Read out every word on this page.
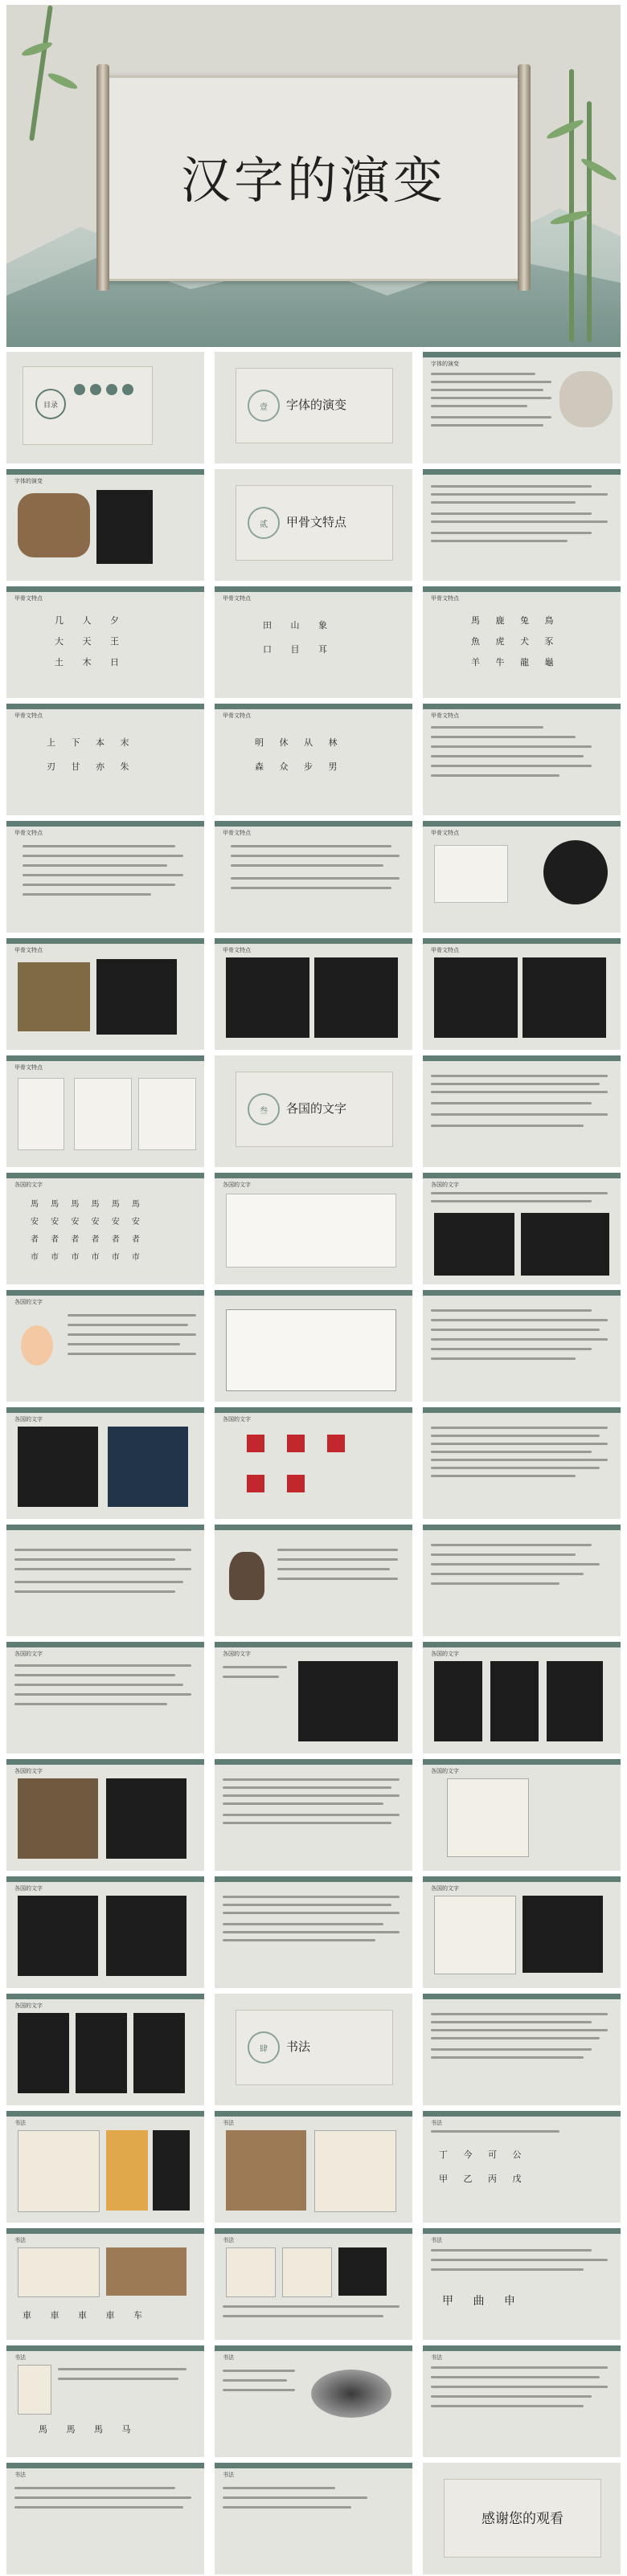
汉字的演变
目录	壹	字体的演变
字体的演变
字体的演变
贰	甲骨文特点
甲骨文特点
几 人 夕
大 天 王
土 木 日
甲骨文特点
田 山 象
口 目 耳
甲骨文特点
馬 鹿 兔 鳥
魚 虎 犬 豕
羊 牛 龍 龜
甲骨文特点
上 下 本 末
刃 甘 亦 朱
甲骨文特点
明 休 从 林
森 众 步 男
甲骨文特点
甲骨文特点	甲骨文特点	甲骨文特点
甲骨文特点	甲骨文特点	甲骨文特点
甲骨文特点
叁	各国的文字
各国的文字
馬 馬 馬 馬 馬 馬
安 安 安 安 安 安
者 者 者 者 者 者
市 市 市 市 市 市
各国的文字	各国的文字
各国的文字
各国的文字	各国的文字
各国的文字	各国的文字	各国的文字
各国的文字	各国的文字
各国的文字	各国的文字
各国的文字
肆	书法
书法	书法	书法
丁 今 可 公
甲 乙 丙 戊
书法
車 車 車 車 车
书法	书法
甲 曲 申
书法
馬 馬 馬 马
书法	书法
书法	书法
感谢您的观看
